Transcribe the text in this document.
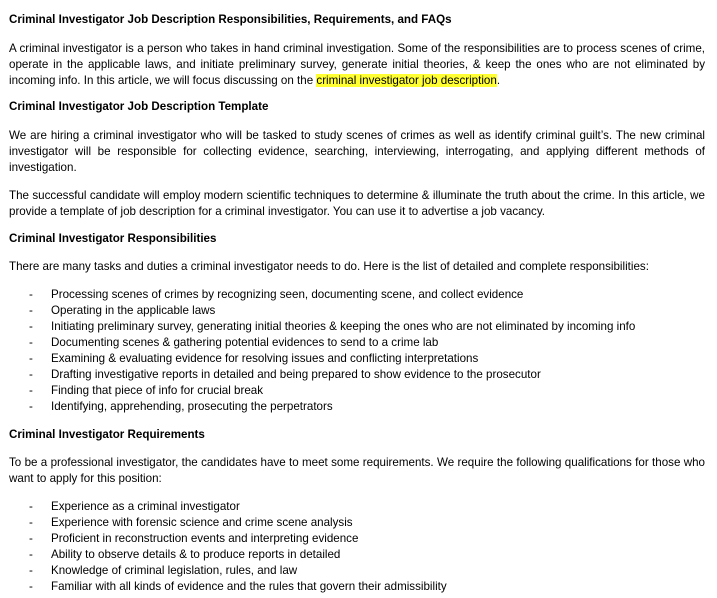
Criminal Investigator Job Description Responsibilities, Requirements, and FAQs

A criminal investigator is a person who takes in hand criminal investigation. Some of the responsibilities are to process scenes of crime, operate in the applicable laws, and initiate preliminary survey, generate initial theories, & keep the ones who are not eliminated by incoming info. In this article, we will focus discussing on the criminal investigator job description.

Criminal Investigator Job Description Template

We are hiring a criminal investigator who will be tasked to study scenes of crimes as well as identify criminal guilt’s. The new criminal investigator will be responsible for collecting evidence, searching, interviewing, interrogating, and applying different methods of investigation.

The successful candidate will employ modern scientific techniques to determine & illuminate the truth about the crime. In this article, we provide a template of job description for a criminal investigator. You can use it to advertise a job vacancy.

Criminal Investigator Responsibilities

There are many tasks and duties a criminal investigator needs to do. Here is the list of detailed and complete responsibilities:

- Processing scenes of crimes by recognizing seen, documenting scene, and collect evidence
- Operating in the applicable laws
- Initiating preliminary survey, generating initial theories & keeping the ones who are not eliminated by incoming info
- Documenting scenes & gathering potential evidences to send to a crime lab
- Examining & evaluating evidence for resolving issues and conflicting interpretations
- Drafting investigative reports in detailed and being prepared to show evidence to the prosecutor
- Finding that piece of info for crucial break
- Identifying, apprehending, prosecuting the perpetrators
Criminal Investigator Requirements

To be a professional investigator, the candidates have to meet some requirements. We require the following qualifications for those who want to apply for this position:

- Experience as a criminal investigator
- Experience with forensic science and crime scene analysis
- Proficient in reconstruction events and interpreting evidence
- Ability to observe details & to produce reports in detailed
- Knowledge of criminal legislation, rules, and law
- Familiar with all kinds of evidence and the rules that govern their admissibility
